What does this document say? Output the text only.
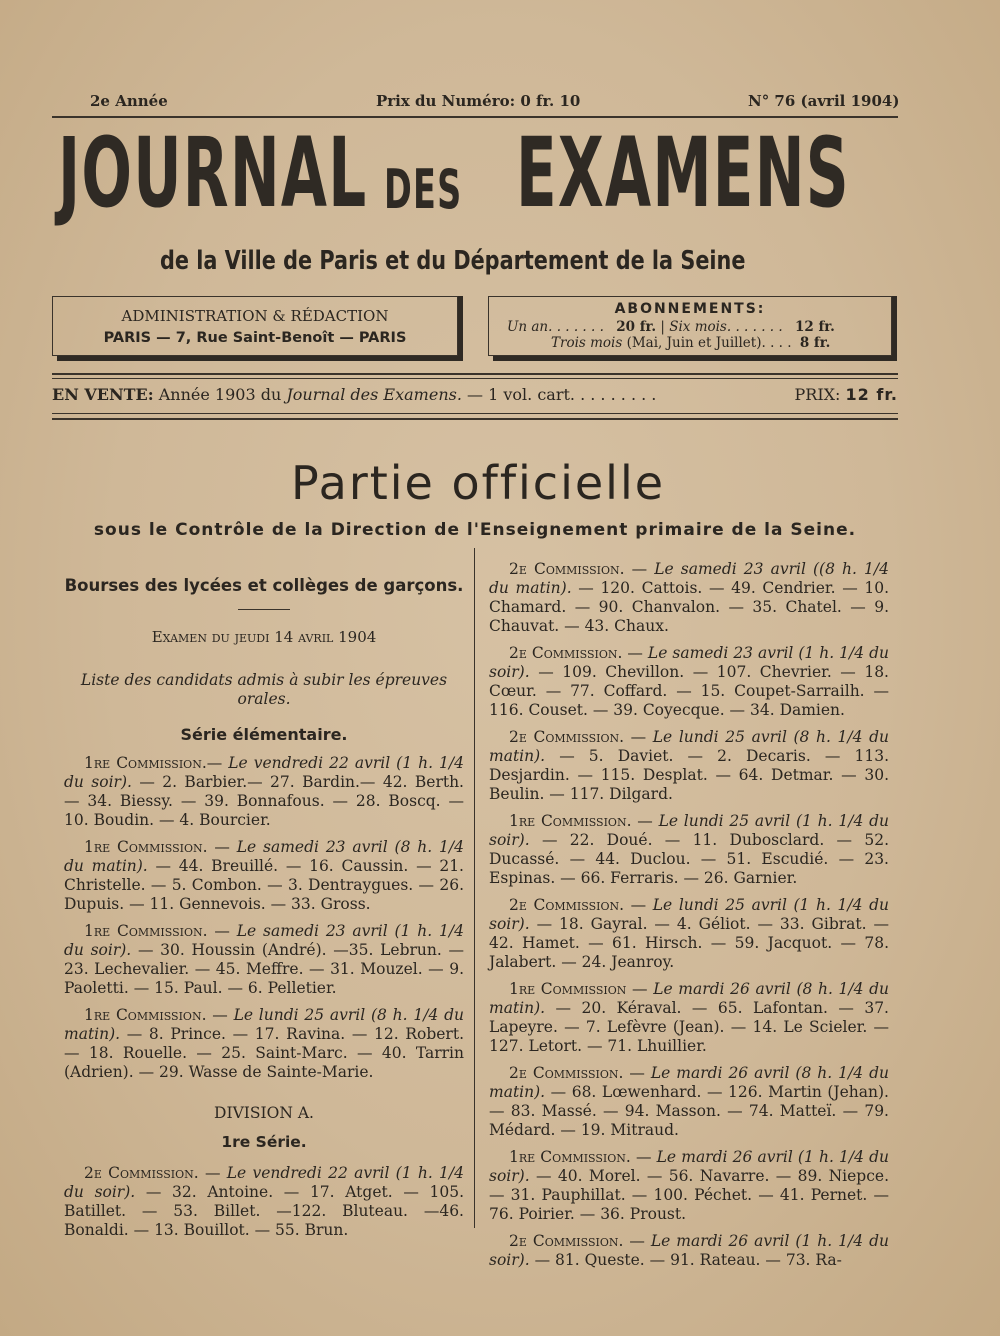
2e Année	Prix du Numéro: 0 fr. 10	N° 76 (avril 1904)
JOURNAL DES EXAMENS
de la Ville de Paris et du Département de la Seine
ADMINISTRATION & RÉDACTION
PARIS — 7, Rue Saint-Benoît — PARIS
ABONNEMENTS:
Un an. . . . . . . 20 fr. | Six mois. . . . . . . 12 fr.
Trois mois (Mai, Juin et Juillet). . . . 8 fr.
EN VENTE: Année 1903 du Journal des Examens. — 1 vol. cart. . . . . . . . .	PRIX: 12 fr.
Partie officielle
sous le Contrôle de la Direction de l'Enseignement primaire de la Seine.
Bourses des lycées et collèges de garçons.
Examen du jeudi 14 avril 1904
Liste des candidats admis à subir les épreuves orales.
Série élémentaire.

1re Commission.— Le vendredi 22 avril (1 h. 1/4 du soir). — 2. Barbier.— 27. Bardin.— 42. Berth. — 34. Biessy. — 39. Bonnafous. — 28. Boscq. — 10. Boudin. — 4. Bourcier.

1re Commission. — Le samedi 23 avril (8 h. 1/4 du matin). — 44. Breuillé. — 16. Caussin. — 21. Christelle. — 5. Combon. — 3. Dentraygues. — 26. Dupuis. — 11. Gennevois. — 33. Gross.

1re Commission. — Le samedi 23 avril (1 h. 1/4 du soir). — 30. Houssin (André). —35. Lebrun. — 23. Lechevalier. — 45. Meffre. — 31. Mouzel. — 9. Paoletti. — 15. Paul. — 6. Pelletier.

1re Commission. — Le lundi 25 avril (8 h. 1/4 du matin). — 8. Prince. — 17. Ravina. — 12. Robert. — 18. Rouelle. — 25. Saint-Marc. — 40. Tarrin (Adrien). — 29. Wasse de Sainte-Marie.

DIVISION A.
1re Série.

2e Commission. — Le vendredi 22 avril (1 h. 1/4 du soir). — 32. Antoine. — 17. Atget. — 105. Batillet. — 53. Billet. —122. Bluteau. —46. Bonaldi. — 13. Bouillot. — 55. Brun.

2e Commission. — Le samedi 23 avril ((8 h. 1/4 du matin). — 120. Cattois. — 49. Cendrier. — 10. Chamard. — 90. Chanvalon. — 35. Chatel. — 9. Chauvat. — 43. Chaux.

2e Commission. — Le samedi 23 avril (1 h. 1/4 du soir). — 109. Chevillon. — 107. Chevrier. — 18. Cœur. — 77. Coffard. — 15. Coupet-Sarrailh. — 116. Couset. — 39. Coyecque. — 34. Damien.

2e Commission. — Le lundi 25 avril (8 h. 1/4 du matin). — 5. Daviet. — 2. Decaris. — 113. Desjardin. — 115. Desplat. — 64. Detmar. — 30. Beulin. — 117. Dilgard.

1re Commission. — Le lundi 25 avril (1 h. 1/4 du soir). — 22. Doué. — 11. Dubosclard. — 52. Ducassé. — 44. Duclou. — 51. Escudié. — 23. Espinas. — 66. Ferraris. — 26. Garnier.

2e Commission. — Le lundi 25 avril (1 h. 1/4 du soir). — 18. Gayral. — 4. Géliot. — 33. Gibrat. — 42. Hamet. — 61. Hirsch. — 59. Jacquot. — 78. Jalabert. — 24. Jeanroy.

1re Commission — Le mardi 26 avril (8 h. 1/4 du matin). — 20. Kéraval. — 65. Lafontan. — 37. Lapeyre. — 7. Lefèvre (Jean). — 14. Le Scieler. — 127. Letort. — 71. Lhuillier.

2e Commission. — Le mardi 26 avril (8 h. 1/4 du matin). — 68. Lœwenhard. — 126. Martin (Jehan). — 83. Massé. — 94. Masson. — 74. Matteï. — 79. Médard. — 19. Mitraud.

1re Commission. — Le mardi 26 avril (1 h. 1/4 du soir). — 40. Morel. — 56. Navarre. — 89. Niepce. — 31. Pauphillat. — 100. Péchet. — 41. Pernet. — 76. Poirier. — 36. Proust.

2e Commission. — Le mardi 26 avril (1 h. 1/4 du soir). — 81. Queste. — 91. Rateau. — 73. Ra-
